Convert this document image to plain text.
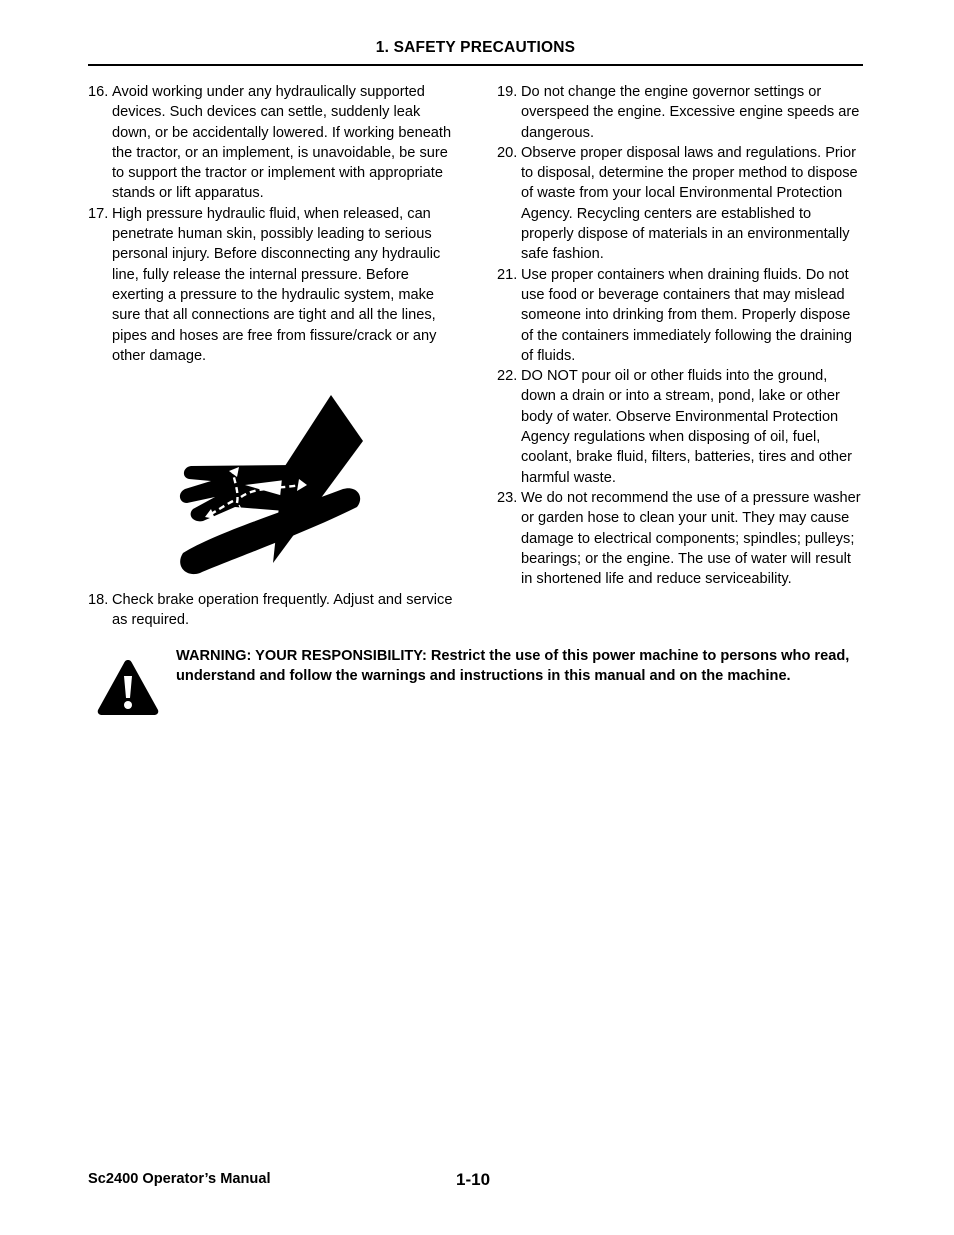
1. SAFETY PRECAUTIONS
16. Avoid working under any hydraulically supported devices. Such devices can settle, suddenly leak down, or be accidentally lowered. If working beneath the tractor, or an implement, is unavoidable, be sure to support the tractor or implement with appropriate stands or lift apparatus.
17. High pressure hydraulic fluid, when released, can penetrate human skin, possibly leading to serious personal injury. Before disconnecting any hydraulic line, fully release the internal pressure. Before exerting a pressure to the hydraulic system, make sure that all connections are tight and all the lines, pipes and hoses are free from fissure/crack or any other damage.
18. Check brake operation frequently. Adjust and service as required.
19. Do not change the engine governor settings or overspeed the engine. Excessive engine speeds are dangerous.
20. Observe proper disposal laws and regulations. Prior to disposal, determine the proper method to dispose of waste from your local Environmental Protection Agency. Recycling centers are established to properly dispose of materials in an environmentally safe fashion.
21. Use proper containers when draining fluids. Do not use food or beverage containers that may mislead someone into drinking from them. Properly dispose of the containers immediately following the draining of fluids.
22. DO NOT pour oil or other fluids into the ground, down a drain or into a stream, pond, lake or other body of water. Observe Environmental Protection Agency regulations when disposing of oil, fuel, coolant, brake fluid, filters, batteries, tires and other harmful waste.
23. We do not recommend the use of a pressure washer or garden hose to clean your unit. They may cause damage to electrical components; spindles; pulleys; bearings; or the engine. The use of water will result in shortened life and reduce serviceability.
WARNING: YOUR RESPONSIBILITY: Restrict the use of this power machine to persons who read, understand and follow the warnings and instructions in this manual and on the machine.
Sc2400 Operator’s Manual	1-10
